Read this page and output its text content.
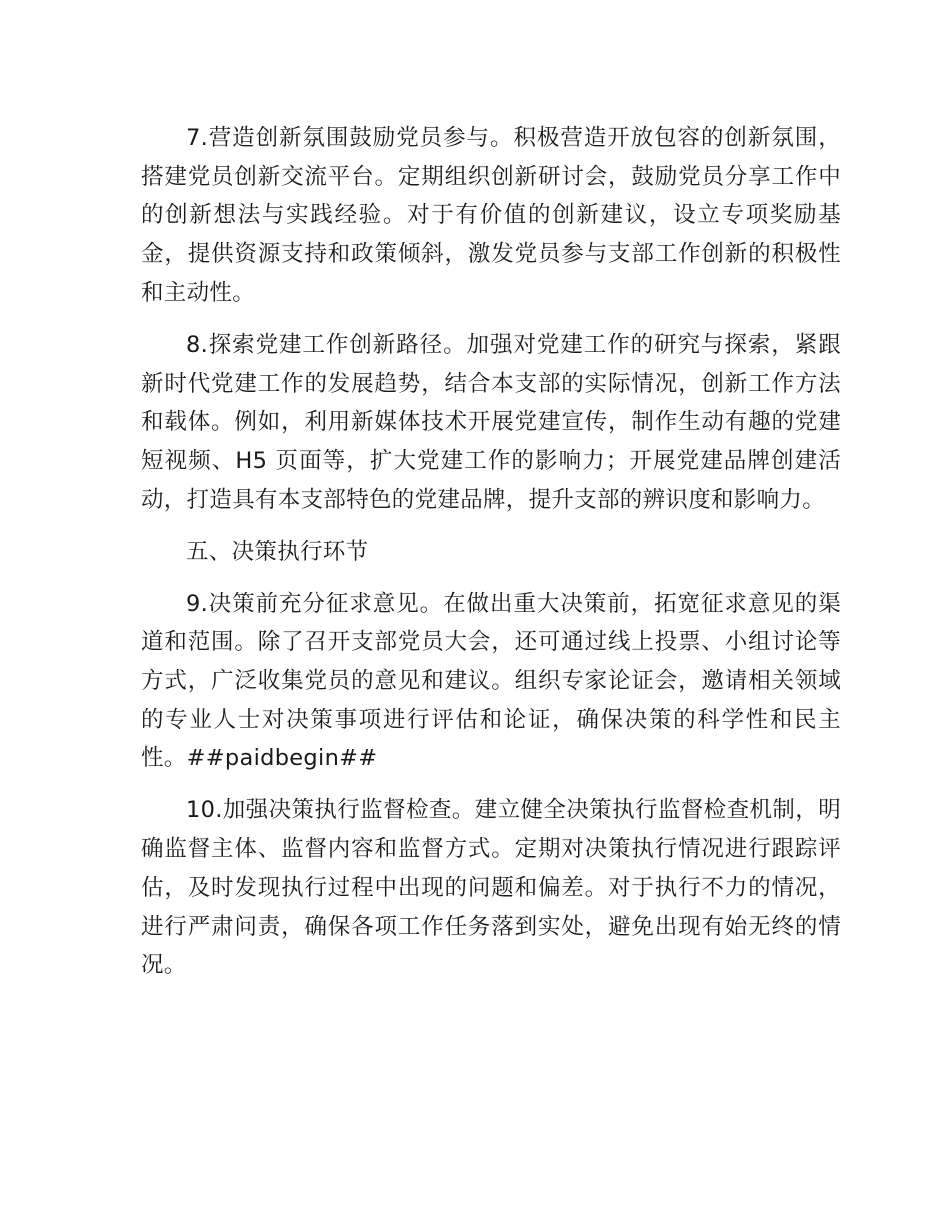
7.营造创新氛围鼓励党员参与。积极营造开放包容的创新氛围，搭建党员创新交流平台。定期组织创新研讨会，鼓励党员分享工作中的创新想法与实践经验。对于有价值的创新建议，设立专项奖励基金，提供资源支持和政策倾斜，激发党员参与支部工作创新的积极性和主动性。

8.探索党建工作创新路径。加强对党建工作的研究与探索，紧跟新时代党建工作的发展趋势，结合本支部的实际情况，创新工作方法和载体。例如，利用新媒体技术开展党建宣传，制作生动有趣的党建短视频、H5 页面等，扩大党建工作的影响力；开展党建品牌创建活动，打造具有本支部特色的党建品牌，提升支部的辨识度和影响力。

五、决策执行环节

9.决策前充分征求意见。在做出重大决策前，拓宽征求意见的渠道和范围。除了召开支部党员大会，还可通过线上投票、小组讨论等方式，广泛收集党员的意见和建议。组织专家论证会，邀请相关领域的专业人士对决策事项进行评估和论证，确保决策的科学性和民主性。##paidbegin##

10.加强决策执行监督检查。建立健全决策执行监督检查机制，明确监督主体、监督内容和监督方式。定期对决策执行情况进行跟踪评估，及时发现执行过程中出现的问题和偏差。对于执行不力的情况，进行严肃问责，确保各项工作任务落到实处，避免出现有始无终的情况。
